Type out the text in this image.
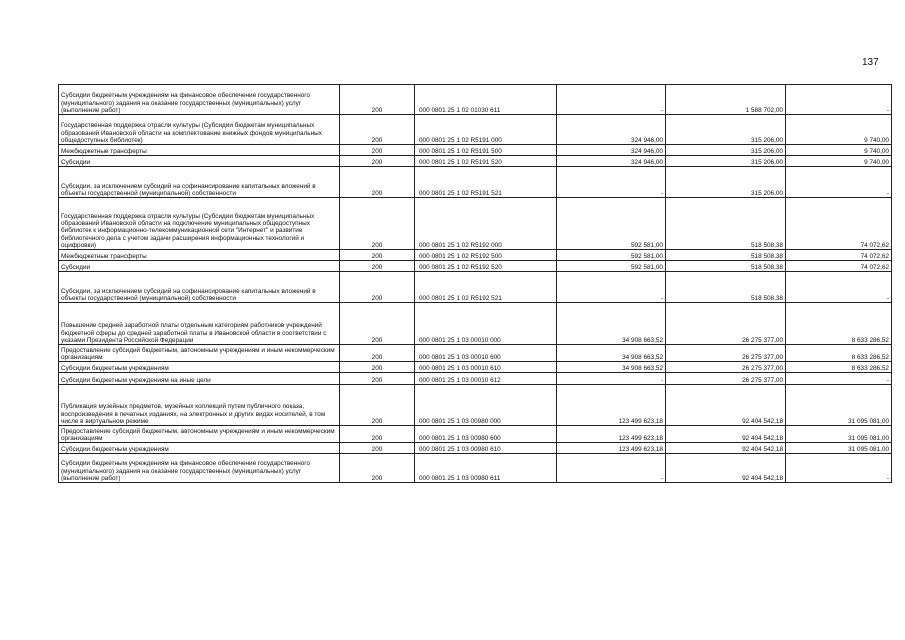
137
Субсидии бюджетным учреждениям на финансовое обеспечение государственного (муниципального) задания на оказание государственных (муниципальных) услуг (выполнение работ)	200	000 0801 25 1 02 01030 611	-	1 588 702,00	-
Государственная поддержка отрасли культуры (Субсидии бюджетам муниципальных образований Ивановской области на комплектование книжных фондов муниципальных общедоступных библиотек)	200	000 0801 25 1 02 R5191 000	324 946,00	315 206,00	9 740,00
Межбюджетные трансферты	200	000 0801 25 1 02 R5191 500	324 946,00	315 206,00	9 740,00
Субсидии	200	000 0801 25 1 02 R5191 520	324 946,00	315 206,00	9 740,00
Субсидии, за исключением субсидий на софинансирование капитальных вложений в объекты государственной (муниципальной) собственности	200	000 0801 25 1 02 R5191 521	-	315 206,00	-
Государственная поддержка отрасли культуры (Субсидии бюджетам муниципальных образований Ивановской области на подключение муниципальных общедоступных библиотек к информационно-телекоммуникационной сети "Интернет" и развитие библиотечного дела с учетом задачи расширения информационных технологий и оцифровки)	200	000 0801 25 1 02 R5192 000	592 581,00	518 508,38	74 072,62
Межбюджетные трансферты	200	000 0801 25 1 02 R5192 500	592 581,00	518 508,38	74 072,62
Субсидии	200	000 0801 25 1 02 R5192 520	592 581,00	518 508,38	74 072,62
Субсидии, за исключением субсидий на софинансирование капитальных вложений в объекты государственной (муниципальной) собственности	200	000 0801 25 1 02 R5192 521	-	518 508,38	-
Повышение средней заработной платы отдельным категориям работников учреждений бюджетной сферы до средней заработной платы в Ивановской области в соответствии с указами Президента Российской Федерации	200	000 0801 25 1 03 00010 000	34 908 663,52	26 275 377,00	8 633 286,52
Предоставление субсидий бюджетным, автономным учреждениям и иным некоммерческим организациям	200	000 0801 25 1 03 00010 600	34 908 663,52	26 275 377,00	8 633 286,52
Субсидии бюджетным учреждениям	200	000 0801 25 1 03 00010 610	34 908 663,52	26 275 377,00	8 633 286,52
Субсидии бюджетным учреждениям на иные цели	200	000 0801 25 1 03 00010 612	-	26 275 377,00	-
Публикация музейных предметов, музейных коллекций путем публичного показа, воспроизведения в печатных изданиях, на электронных и других видах носителей, в том числе в виртуальном режиме	200	000 0801 25 1 03 00980 000	123 499 623,18	92 404 542,18	31 095 081,00
Предоставление субсидий бюджетным, автономным учреждениям и иным некоммерческим организациям	200	000 0801 25 1 03 00980 600	123 499 623,18	92 404 542,18	31 095 081,00
Субсидии бюджетным учреждениям	200	000 0801 25 1 03 00980 610	123 499 623,18	92 404 542,18	31 095 081,00
Субсидии бюджетным учреждениям на финансовое обеспечение государственного (муниципального) задания на оказание государственных (муниципальных) услуг (выполнение работ)	200	000 0801 25 1 03 00980 611	-	92 404 542,18	-
